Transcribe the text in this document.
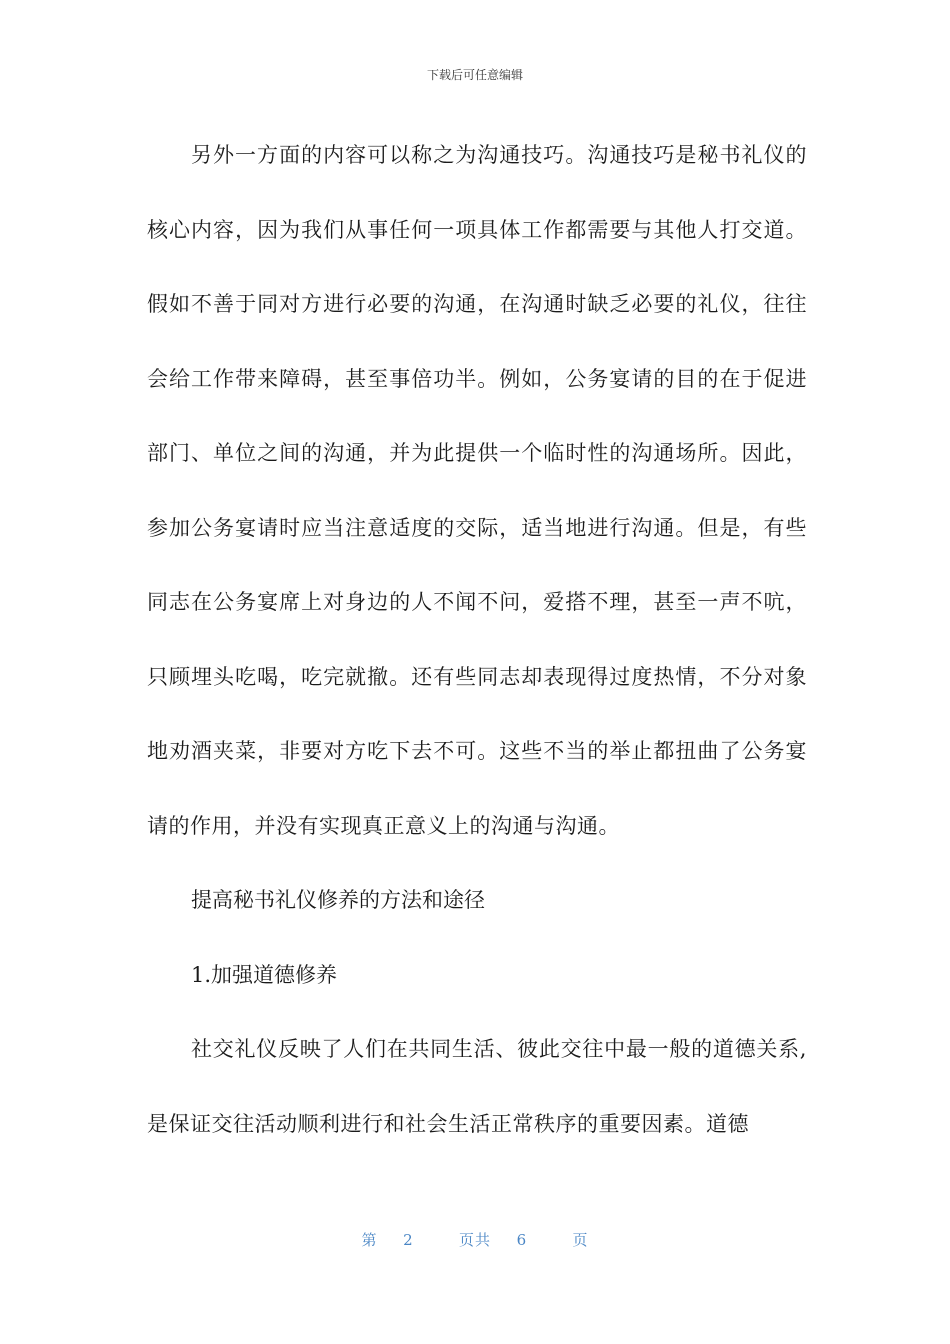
下载后可任意编辑

另外一方面的内容可以称之为沟通技巧。沟通技巧是秘书礼仪的核心内容，因为我们从事任何一项具体工作都需要与其他人打交道。假如不善于同对方进行必要的沟通，在沟通时缺乏必要的礼仪，往往会给工作带来障碍，甚至事倍功半。例如，公务宴请的目的在于促进部门、单位之间的沟通，并为此提供一个临时性的沟通场所。因此，参加公务宴请时应当注意适度的交际，适当地进行沟通。但是，有些同志在公务宴席上对身边的人不闻不问，爱搭不理，甚至一声不吭，只顾埋头吃喝，吃完就撤。还有些同志却表现得过度热情，不分对象地劝酒夹菜，非要对方吃下去不可。这些不当的举止都扭曲了公务宴请的作用，并没有实现真正意义上的沟通与沟通。

提高秘书礼仪修养的方法和途径

1.加强道德修养

社交礼仪反映了人们在共同生活、彼此交往中最一般的道德关系,是保证交往活动顺利进行和社会生活正常秩序的重要因素。道德

第 2	页共 6	页
